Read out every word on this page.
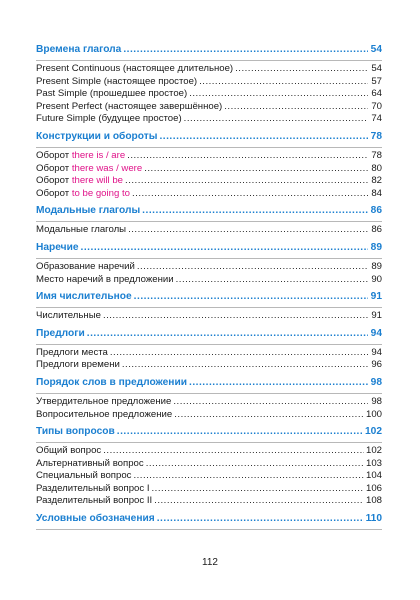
Времена глагола .....	54
Present Continuous (настоящее длительное) .....	54
Present Simple (настоящее простое) .....	57
Past Simple (прошедшее простое) .....	64
Present Perfect (настоящее завершённое) .....	70
Future Simple (будущее простое) .....	74
Конструкции и обороты .....	78
Оборот there is / are .....	78
Оборот there was / were .....	80
Оборот there will be .....	82
Оборот to be going to .....	84
Модальные глаголы .....	86
Модальные глаголы .....	86
Наречие .....	89
Образование наречий .....	89
Место наречий в предложении .....	90
Имя числительное .....	91
Числительные .....	91
Предлоги .....	94
Предлоги места .....	94
Предлоги времени .....	96
Порядок слов в предложении .....	98
Утвердительное предложение .....	98
Вопросительное предложение .....	100
Типы вопросов .....	102
Общий вопрос .....	102
Альтернативный вопрос .....	103
Специальный вопрос .....	104
Разделительный вопрос I .....	106
Разделительный вопрос II .....	108
Условные обозначения .....	110
112
